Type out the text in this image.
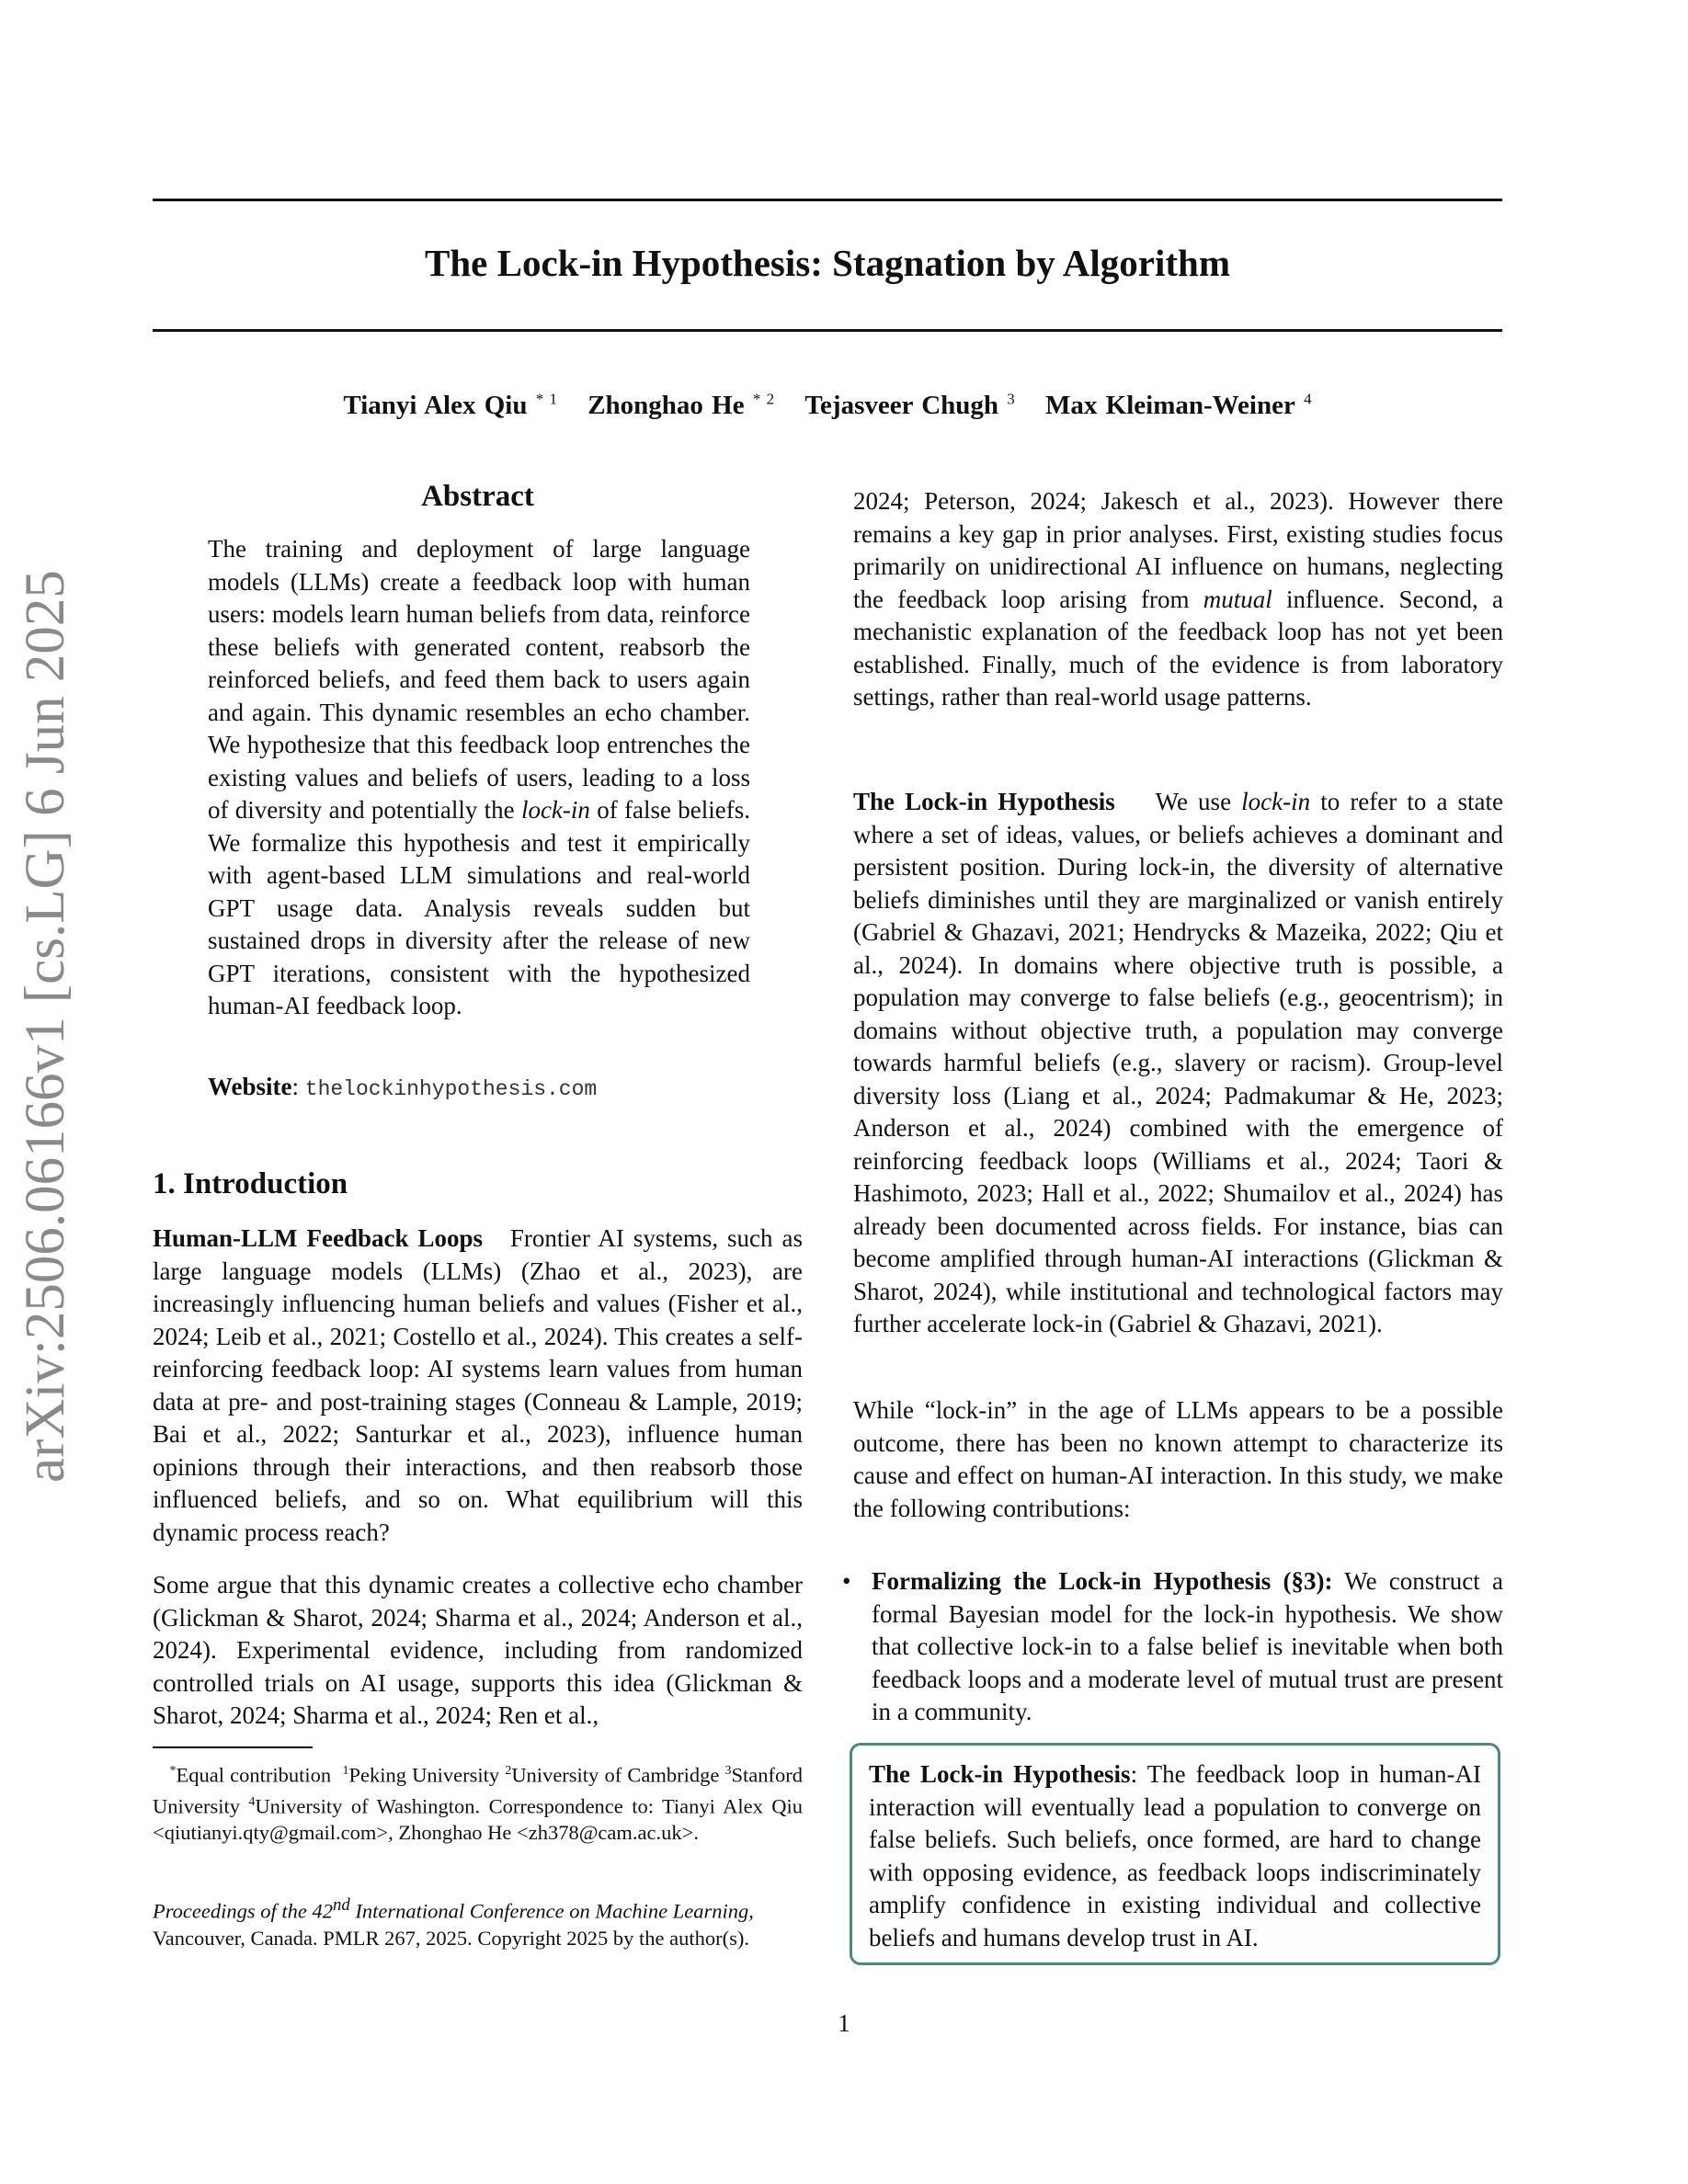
arXiv:2506.06166v1 [cs.LG] 6 Jun 2025
The Lock-in Hypothesis: Stagnation by Algorithm
Tianyi Alex Qiu $^{* 1}$ Zhonghao He $^{* 2}$ Tejasveer Chugh $^3$ Max Kleiman-Weiner $^4$
Abstract

The training and deployment of large language models (LLMs) create a feedback loop with human users: models learn human beliefs from data, reinforce these beliefs with generated content, reabsorb the reinforced beliefs, and feed them back to users again and again. This dynamic resembles an echo chamber. We hypothesize that this feedback loop entrenches the existing values and beliefs of users, leading to a loss of diversity and potentially the lock-in of false beliefs. We formalize this hypothesis and test it empirically with agent-based LLM simulations and real-world GPT usage data. Analysis reveals sudden but sustained drops in diversity after the release of new GPT iterations, consistent with the hypothesized human-AI feedback loop.

Website: thelockinhypothesis.com
1. Introduction

Human-LLM Feedback Loops Frontier AI systems, such as large language models (LLMs) (Zhao et al., 2023), are increasingly influencing human beliefs and values (Fisher et al., 2024; Leib et al., 2021; Costello et al., 2024). This creates a self-reinforcing feedback loop: AI systems learn values from human data at pre- and post-training stages (Conneau & Lample, 2019; Bai et al., 2022; Santurkar et al., 2023), influence human opinions through their interactions, and then reabsorb those influenced beliefs, and so on. What equilibrium will this dynamic process reach?

Some argue that this dynamic creates a collective echo chamber (Glickman & Sharot, 2024; Sharma et al., 2024; Anderson et al., 2024). Experimental evidence, including from randomized controlled trials on AI usage, supports this idea (Glickman & Sharot, 2024; Sharma et al., 2024; Ren et al.,

*Equal contribution $^1$Peking University $^2$University of Cambridge $^3$Stanford University $^4$University of Washington. Correspondence to: Tianyi Alex Qiu <qiutianyi.qty@gmail.com>, Zhonghao He <zh378@cam.ac.uk>.
Proceedings of the 42nd International Conference on Machine Learning, Vancouver, Canada. PMLR 267, 2025. Copyright 2025 by the author(s).

2024; Peterson, 2024; Jakesch et al., 2023). However there remains a key gap in prior analyses. First, existing studies focus primarily on unidirectional AI influence on humans, neglecting the feedback loop arising from mutual influence. Second, a mechanistic explanation of the feedback loop has not yet been established. Finally, much of the evidence is from laboratory settings, rather than real-world usage patterns.

The Lock-in Hypothesis We use lock-in to refer to a state where a set of ideas, values, or beliefs achieves a dominant and persistent position. During lock-in, the diversity of alternative beliefs diminishes until they are marginalized or vanish entirely (Gabriel & Ghazavi, 2021; Hendrycks & Mazeika, 2022; Qiu et al., 2024). In domains where objective truth is possible, a population may converge to false beliefs (e.g., geocentrism); in domains without objective truth, a population may converge towards harmful beliefs (e.g., slavery or racism). Group-level diversity loss (Liang et al., 2024; Padmakumar & He, 2023; Anderson et al., 2024) combined with the emergence of reinforcing feedback loops (Williams et al., 2024; Taori & Hashimoto, 2023; Hall et al., 2022; Shumailov et al., 2024) has already been documented across fields. For instance, bias can become amplified through human-AI interactions (Glickman & Sharot, 2024), while institutional and technological factors may further accelerate lock-in (Gabriel & Ghazavi, 2021).

While “lock-in” in the age of LLMs appears to be a possible outcome, there has been no known attempt to characterize its cause and effect on human-AI interaction. In this study, we make the following contributions:

• Formalizing the Lock-in Hypothesis (§3): We construct a formal Bayesian model for the lock-in hypothesis. We show that collective lock-in to a false belief is inevitable when both feedback loops and a moderate level of mutual trust are present in a community.

The Lock-in Hypothesis: The feedback loop in human-AI interaction will eventually lead a population to converge on false beliefs. Such beliefs, once formed, are hard to change with opposing evidence, as feedback loops indiscriminately amplify confidence in existing individual and collective beliefs and humans develop trust in AI.

1
